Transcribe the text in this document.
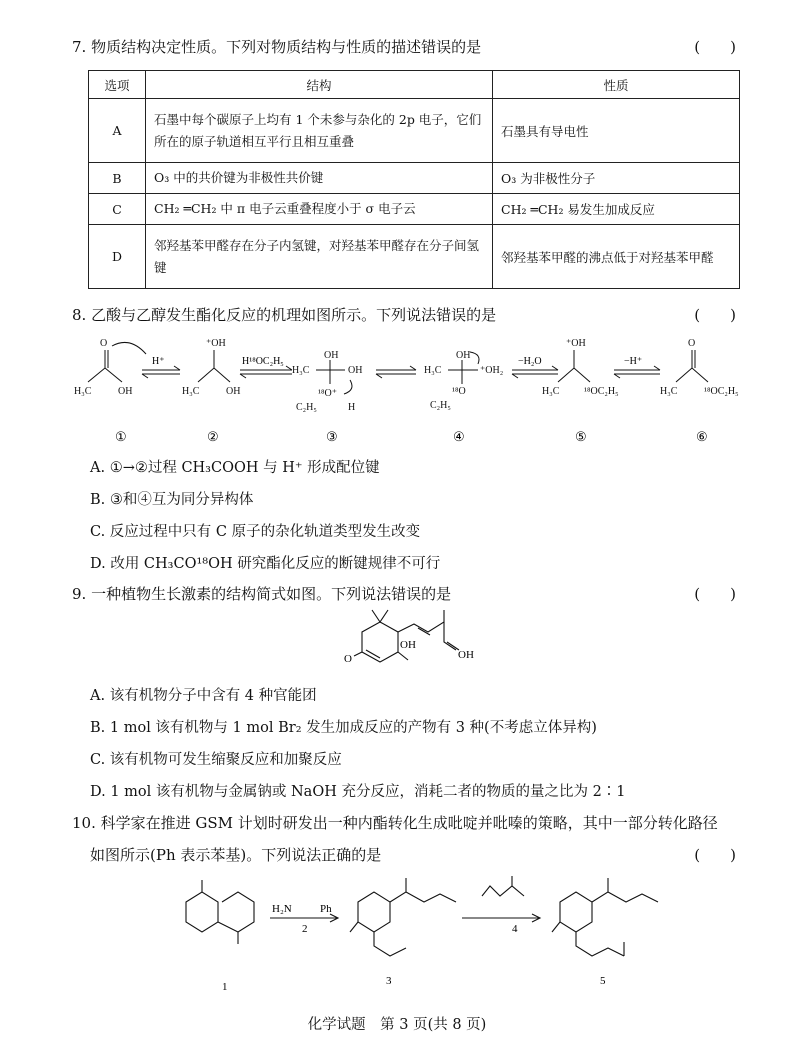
7. 物质结构决定性质。下列对物质结构与性质的描述错误的是	(　　)
选项	结构	性质
A	石墨中每个碳原子上均有 1 个未参与杂化的 2p 电子，它们所在的原子轨道相互平行且相互重叠	石墨具有导电性
B	O₃ 中的共价键为非极性共价键	O₃ 为非极性分子
C	CH₂ ═CH₂ 中 π 电子云重叠程度小于 σ 电子云	CH₂ ═CH₂ 易发生加成反应
D	邻羟基苯甲醛存在分子内氢键，对羟基苯甲醛存在分子间氢键	邻羟基苯甲醛的沸点低于对羟基苯甲醛
8. 乙酸与乙醇发生酯化反应的机理如图所示。下列说法错误的是	(　　)
O
H₃C	OH
⁺OH
H₃C	OH
OH
H₃C	OH
¹⁸O⁺
H
C₂H₅
OH
H₃C	⁺OH₂
¹⁸O
C₂H₅
⁺OH
H₃C ¹⁸OC₂H₅
O
H₃C	¹⁸OC₂H₅
H⁺	H¹⁸OC₂H₅	−H₂O	−H⁺
①	②	③	④	⑤	⑥
A. ①→②过程 CH₃COOH 与 H⁺ 形成配位键
B. ③和④互为同分异构体
C. 反应过程中只有 C 原子的杂化轨道类型发生改变
D. 改用 CH₃CO¹⁸OH 研究酯化反应的断键规律不可行
9. 一种植物生长激素的结构简式如图。下列说法错误的是	(　　)
OH
O	OH
A. 该有机物分子中含有 4 种官能团
B. 1 mol 该有机物与 1 mol Br₂ 发生加成反应的产物有 3 种(不考虑立体异构)
C. 该有机物可发生缩聚反应和加聚反应
D. 1 mol 该有机物与金属钠或 NaOH 充分反应，消耗二者的物质的量之比为 2∶1
10. 科学家在推进 GSM 计划时研发出一种内酯转化生成吡啶并吡嗪的策略，其中一部分转化路径
如图所示(Ph 表示苯基)。下列说法正确的是	(　　)
H₂N	Ph
1
2
3
4
5
化学试题　第 3 页(共 8 页)
